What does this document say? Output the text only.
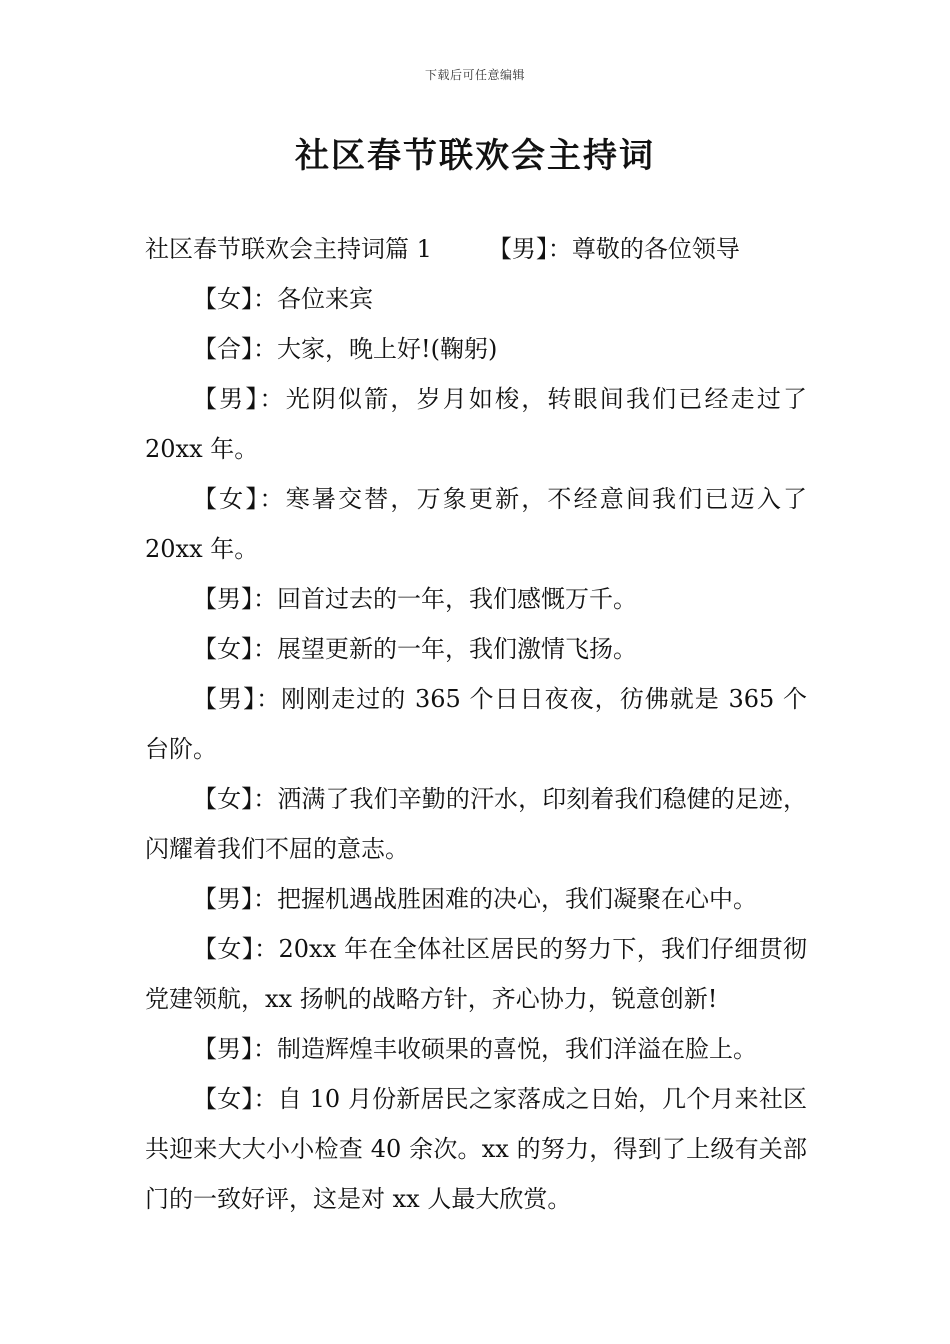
下载后可任意编辑
社区春节联欢会主持词

社区春节联欢会主持词篇 1 【男】：尊敬的各位领导

【女】：各位来宾

【合】：大家，晚上好!(鞠躬)

【男】：光阴似箭，岁月如梭，转眼间我们已经走过了 20xx 年。

【女】：寒暑交替，万象更新，不经意间我们已迈入了 20xx 年。

【男】：回首过去的一年，我们感慨万千。

【女】：展望更新的一年，我们激情飞扬。

【男】：刚刚走过的 365 个日日夜夜，彷佛就是 365 个台阶。

【女】：洒满了我们辛勤的汗水，印刻着我们稳健的足迹，闪耀着我们不屈的意志。

【男】：把握机遇战胜困难的决心，我们凝聚在心中。

【女】：20xx 年在全体社区居民的努力下，我们仔细贯彻党建领航，xx 扬帆的战略方针，齐心协力，锐意创新!

【男】：制造辉煌丰收硕果的喜悦，我们洋溢在脸上。

【女】：自 10 月份新居民之家落成之日始，几个月来社区共迎来大大小小检查 40 余次。xx 的努力，得到了上级有关部门的一致好评，这是对 xx 人最大欣赏。
